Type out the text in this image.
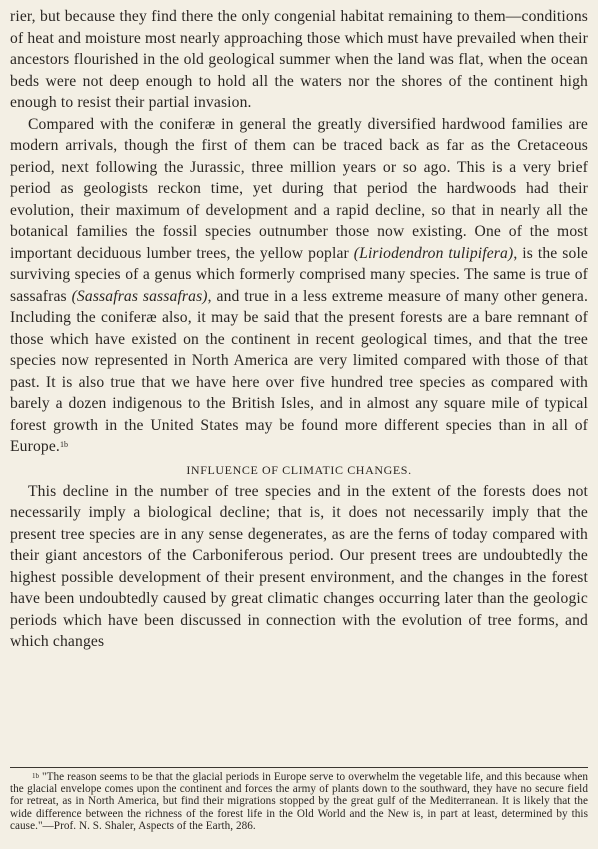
rier, but because they find there the only congenial habitat remaining to them—conditions of heat and moisture most nearly approaching those which must have prevailed when their ancestors flourished in the old geological summer when the land was flat, when the ocean beds were not deep enough to hold all the waters nor the shores of the continent high enough to resist their partial invasion.

Compared with the coniferæ in general the greatly diversified hardwood families are modern arrivals, though the first of them can be traced back as far as the Cretaceous period, next following the Jurassic, three million years or so ago. This is a very brief period as geologists reckon time, yet during that period the hardwoods had their evolution, their maximum of development and a rapid decline, so that in nearly all the botanical families the fossil species outnumber those now existing. One of the most important deciduous lumber trees, the yellow poplar (Liriodendron tulipifera), is the sole surviving species of a genus which formerly comprised many species. The same is true of sassafras (Sassafras sassafras), and true in a less extreme measure of many other genera. Including the coniferæ also, it may be said that the present forests are a bare remnant of those which have existed on the continent in recent geological times, and that the tree species now represented in North America are very limited compared with those of that past. It is also true that we have here over five hundred tree species as compared with barely a dozen indigenous to the British Isles, and in almost any square mile of typical forest growth in the United States may be found more different species than in all of Europe.$^{1b}$

INFLUENCE OF CLIMATIC CHANGES.

This decline in the number of tree species and in the extent of the forests does not necessarily imply a biological decline; that is, it does not necessarily imply that the present tree species are in any sense degenerates, as are the ferns of today compared with their giant ancestors of the Carboniferous period. Our present trees are undoubtedly the highest possible development of their present environment, and the changes in the forest have been undoubtedly caused by great climatic changes occurring later than the geologic periods which have been discussed in connection with the evolution of tree forms, and which changes

$^{1b}$ "The reason seems to be that the glacial periods in Europe serve to overwhelm the vegetable life, and this because when the glacial envelope comes upon the continent and forces the army of plants down to the southward, they have no secure field for retreat, as in North America, but find their migrations stopped by the great gulf of the Mediterranean. It is likely that the wide difference between the richness of the forest life in the Old World and the New is, in part at least, determined by this cause."—Prof. N. S. Shaler, Aspects of the Earth, 286.
